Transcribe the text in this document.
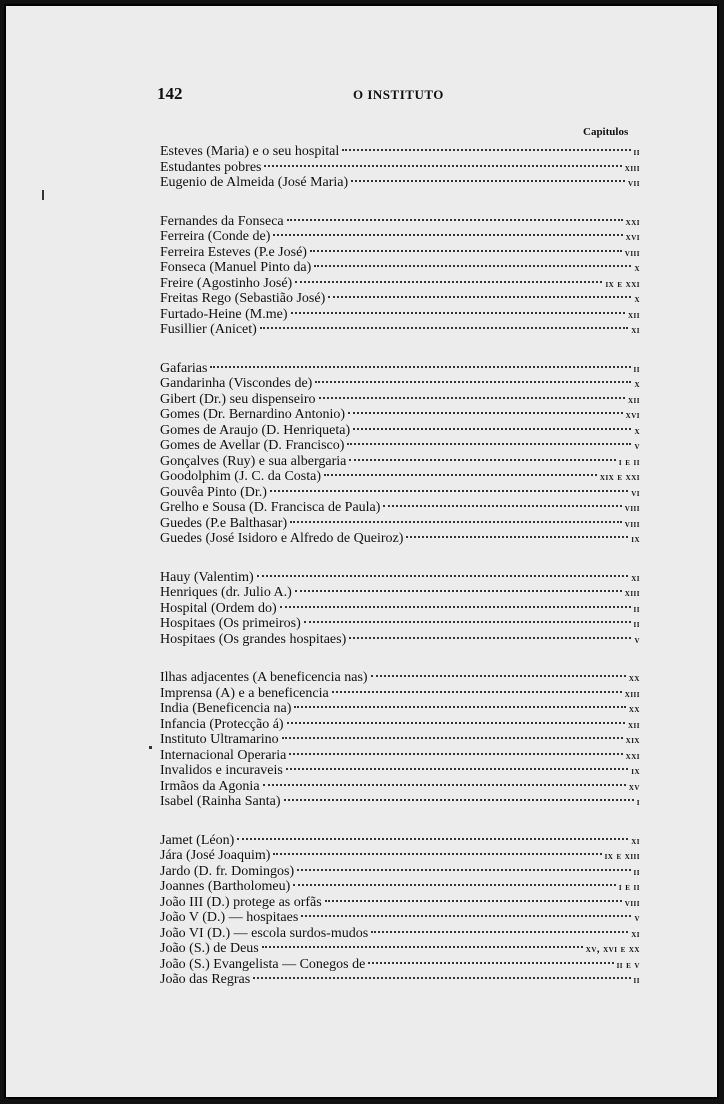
142	O INSTITUTO
Capitulos
Esteves (Maria) e o seu hospital	ii
Estudantes pobres	xiii
Eugenio de Almeida (José Maria)	vii
Fernandes da Fonseca	xxi
Ferreira (Conde de)	xvi
Ferreira Esteves (P.e José)	viii
Fonseca (Manuel Pinto da)	x
Freire (Agostinho José)	ix e xxi
Freitas Rego (Sebastião José)	x
Furtado-Heine (M.me)	xii
Fusillier (Anicet)	xi
Gafarias	ii
Gandarinha (Viscondes de)	x
Gibert (Dr.) seu dispenseiro	xii
Gomes (Dr. Bernardino Antonio)	xvi
Gomes de Araujo (D. Henriqueta)	x
Gomes de Avellar (D. Francisco)	v
Gonçalves (Ruy) e sua albergaria	i e ii
Goodolphim (J. C. da Costa)	xix e xxi
Gouvêa Pinto (Dr.)	vi
Grelho e Sousa (D. Francisca de Paula)	viii
Guedes (P.e Balthasar)	viii
Guedes (José Isidoro e Alfredo de Queiroz)	ix
Hauy (Valentim)	xi
Henriques (dr. Julio A.)	xiii
Hospital (Ordem do)	ii
Hospitaes (Os primeiros)	ii
Hospitaes (Os grandes hospitaes)	v
Ilhas adjacentes (A beneficencia nas)	xx
Imprensa (A) e a beneficencia	xiii
India (Beneficencia na)	xx
Infancia (Protecção á)	xii
Instituto Ultramarino	xix
Internacional Operaria	xxi
Invalidos e incuraveis	ix
Irmãos da Agonia	xv
Isabel (Rainha Santa)	i
Jamet (Léon)	xi
Jára (José Joaquim)	ix e xiii
Jardo (D. fr. Domingos)	ii
Joannes (Bartholomeu)	i e ii
João III (D.) protege as orfãs	viii
João V (D.) — hospitaes	v
João VI (D.) — escola surdos-mudos	xi
João (S.) de Deus	xv, xvi e xx
João (S.) Evangelista — Conegos de	ii e v
João das Regras	ii
